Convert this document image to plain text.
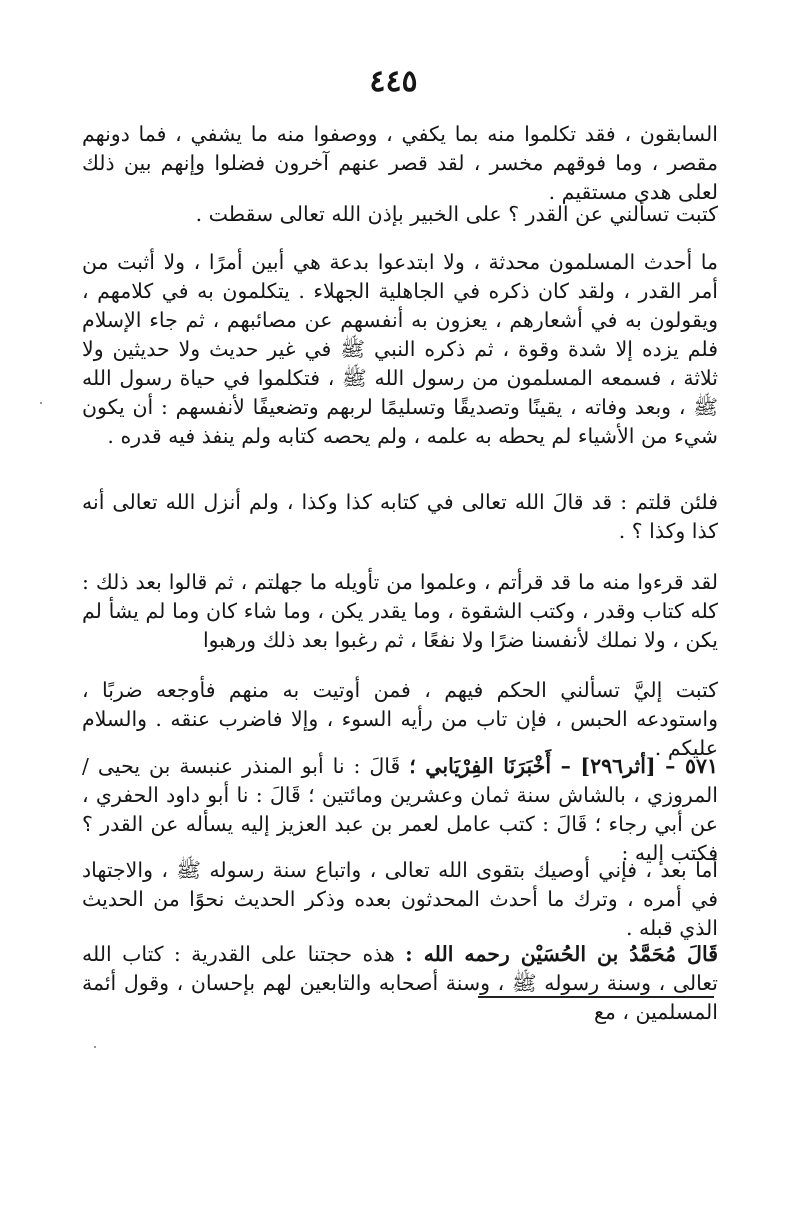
٤٤٥

السابقون ، فقد تكلموا منه بما يكفي ، ووصفوا منه ما يشفي ، فما دونهم مقصر ، وما فوقهم مخسر ، لقد قصر عنهم آخرون فضلوا وإنهم بين ذلك لعلى هدى مستقيم .

كتبت تسألني عن القدر ؟ على الخبير بإذن الله تعالى سقطت .

ما أحدث المسلمون محدثة ، ولا ابتدعوا بدعة هي أبين أمرًا ، ولا أثبت من أمر القدر ، ولقد كان ذكره في الجاهلية الجهلاء . يتكلمون به في كلامهم ، ويقولون به في أشعارهم ، يعزون به أنفسهم عن مصائبهم ، ثم جاء الإسلام فلم يزده إلا شدة وقوة ، ثم ذكره النبي ﷺ في غير حديث ولا حديثين ولا ثلاثة ، فسمعه المسلمون من رسول الله ﷺ ، فتكلموا في حياة رسول الله ﷺ ، وبعد وفاته ، يقينًا وتصديقًا وتسليمًا لربهم وتضعيفًا لأنفسهم : أن يكون شيء من الأشياء لم يحطه به علمه ، ولم يحصه كتابه ولم ينفذ فيه قدره .

فلئن قلتم : قد قالَ الله تعالى في كتابه كذا وكذا ، ولم أنزل الله تعالى أنه كذا وكذا ؟ .

لقد قرءوا منه ما قد قرأتم ، وعلموا من تأويله ما جهلتم ، ثم قالوا بعد ذلك : كله كتاب وقدر ، وكتب الشقوة ، وما يقدر يكن ، وما شاء كان وما لم يشأ لم يكن ، ولا نملك لأنفسنا ضرًا ولا نفعًا ، ثم رغبوا بعد ذلك ورهبوا

كتبت إليَّ تسألني الحكم فيهم ، فمن أوتيت به منهم فأوجعه ضربًا ، واستودعه الحبس ، فإن تاب من رأيه السوء ، وإلا فاضرب عنقه . والسلام عليكم .

٥٧١ – [أثر٢٩٦] – أَخْبَرَنَا الفِرْيَابي ؛ قَالَ : نا أبو المنذر عنبسة بن يحيى / المروزي ، بالشاش سنة ثمان وعشرين ومائتين ؛ قَالَ : نا أبو داود الحفري ، عن أبي رجاء ؛ قَالَ : كتب عامل لعمر بن عبد العزيز إليه يسأله عن القدر ؟ فكتب إليه :

أما بعد ، فإني أوصيك بتقوى الله تعالى ، واتباع سنة رسوله ﷺ ، والاجتهاد في أمره ، وترك ما أحدث المحدثون بعده وذكر الحديث نحوًا من الحديث الذي قبله .

قَالَ مُحَمَّدُ بن الحُسَيْن رحمه الله : هذه حجتنا على القدرية : كتاب الله تعالى ، وسنة رسوله ﷺ ، وسنة أصحابه والتابعين لهم بإحسان ، وقول أئمة المسلمين ، مع
